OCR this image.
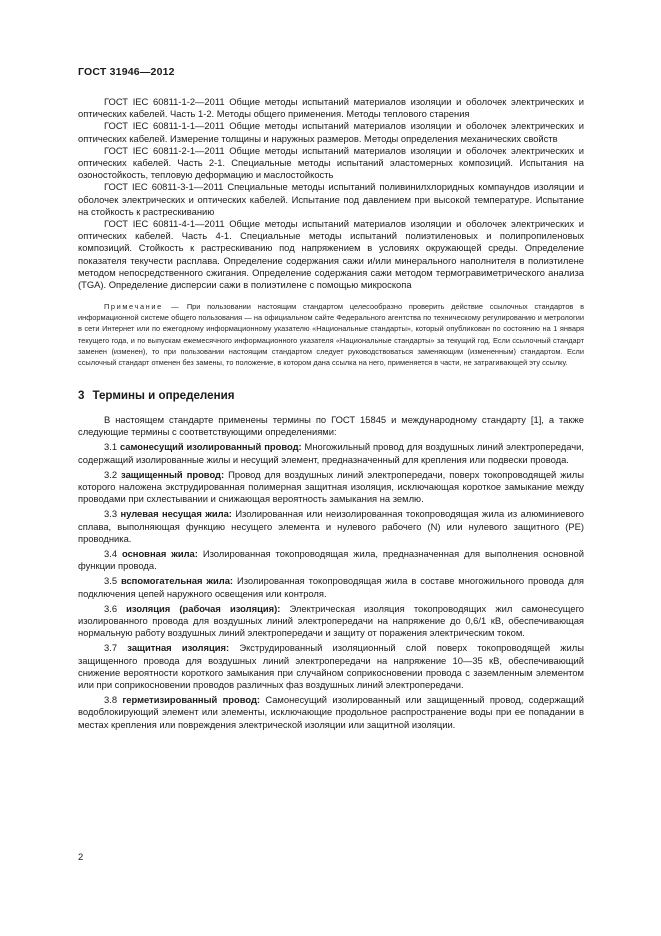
ГОСТ 31946—2012

ГОСТ IEC 60811-1-2—2011 Общие методы испытаний материалов изоляции и оболочек электрических и оптических кабелей. Часть 1-2. Методы общего применения. Методы теплового старения

ГОСТ IEC 60811-1-1—2011 Общие методы испытаний материалов изоляции и оболочек электрических и оптических кабелей. Измерение толщины и наружных размеров. Методы определения механических свойств

ГОСТ IEC 60811-2-1—2011 Общие методы испытаний материалов изоляции и оболочек электрических и оптических кабелей. Часть 2-1. Специальные методы испытаний эластомерных композиций. Испытания на озоностойкость, тепловую деформацию и маслостойкость

ГОСТ IEC 60811-3-1—2011 Специальные методы испытаний поливинилхлоридных компаундов изоляции и оболочек электрических и оптических кабелей. Испытание под давлением при высокой температуре. Испытание на стойкость к растрескиванию

ГОСТ IEC 60811-4-1—2011 Общие методы испытаний материалов изоляции и оболочек электрических и оптических кабелей. Часть 4-1. Специальные методы испытаний полиэтиленовых и полипропиленовых композиций. Стойкость к растрескиванию под напряжением в условиях окружающей среды. Определение показателя текучести расплава. Определение содержания сажи и/или минерального наполнителя в полиэтилене методом непосредственного сжигания. Определение содержания сажи методом термогравиметрического анализа (TGA). Определение дисперсии сажи в полиэтилене с помощью микроскопа

Примечание — При пользовании настоящим стандартом целесообразно проверить действие ссылочных стандартов в информационной системе общего пользования — на официальном сайте Федерального агентства по техническому регулированию и метрологии в сети Интернет или по ежегодному информационному указателю «Национальные стандарты», который опубликован по состоянию на 1 января текущего года, и по выпускам ежемесячного информационного указателя «Национальные стандарты» за текущий год. Если ссылочный стандарт заменен (изменен), то при пользовании настоящим стандартом следует руководствоваться заменяющим (измененным) стандартом. Если ссылочный стандарт отменен без замены, то положение, в котором дана ссылка на него, применяется в части, не затрагивающей эту ссылку.

3 Термины и определения

В настоящем стандарте применены термины по ГОСТ 15845 и международному стандарту [1], а также следующие термины с соответствующими определениями:

3.1 самонесущий изолированный провод: Многожильный провод для воздушных линий электропередачи, содержащий изолированные жилы и несущий элемент, предназначенный для крепления или подвески провода.

3.2 защищенный провод: Провод для воздушных линий электропередачи, поверх токопроводящей жилы которого наложена экструдированная полимерная защитная изоляция, исключающая короткое замыкание между проводами при схлестывании и снижающая вероятность замыкания на землю.

3.3 нулевая несущая жила: Изолированная или неизолированная токопроводящая жила из алюминиевого сплава, выполняющая функцию несущего элемента и нулевого рабочего (N) или нулевого защитного (PE) проводника.

3.4 основная жила: Изолированная токопроводящая жила, предназначенная для выполнения основной функции провода.

3.5 вспомогательная жила: Изолированная токопроводящая жила в составе многожильного провода для подключения цепей наружного освещения или контроля.

3.6 изоляция (рабочая изоляция): Электрическая изоляция токопроводящих жил самонесущего изолированного провода для воздушных линий электропередачи на напряжение до 0,6/1 кВ, обеспечивающая нормальную работу воздушных линий электропередачи и защиту от поражения электрическим током.

3.7 защитная изоляция: Экструдированный изоляционный слой поверх токопроводящей жилы защищенного провода для воздушных линий электропередачи на напряжение 10—35 кВ, обеспечивающий снижение вероятности короткого замыкания при случайном соприкосновении провода с заземленным элементом или при соприкосновении проводов различных фаз воздушных линий электропередачи.

3.8 герметизированный провод: Самонесущий изолированный или защищенный провод, содержащий водоблокирующий элемент или элементы, исключающие продольное распространение воды при ее попадании в местах крепления или повреждения электрической изоляции или защитной изоляции.

2
